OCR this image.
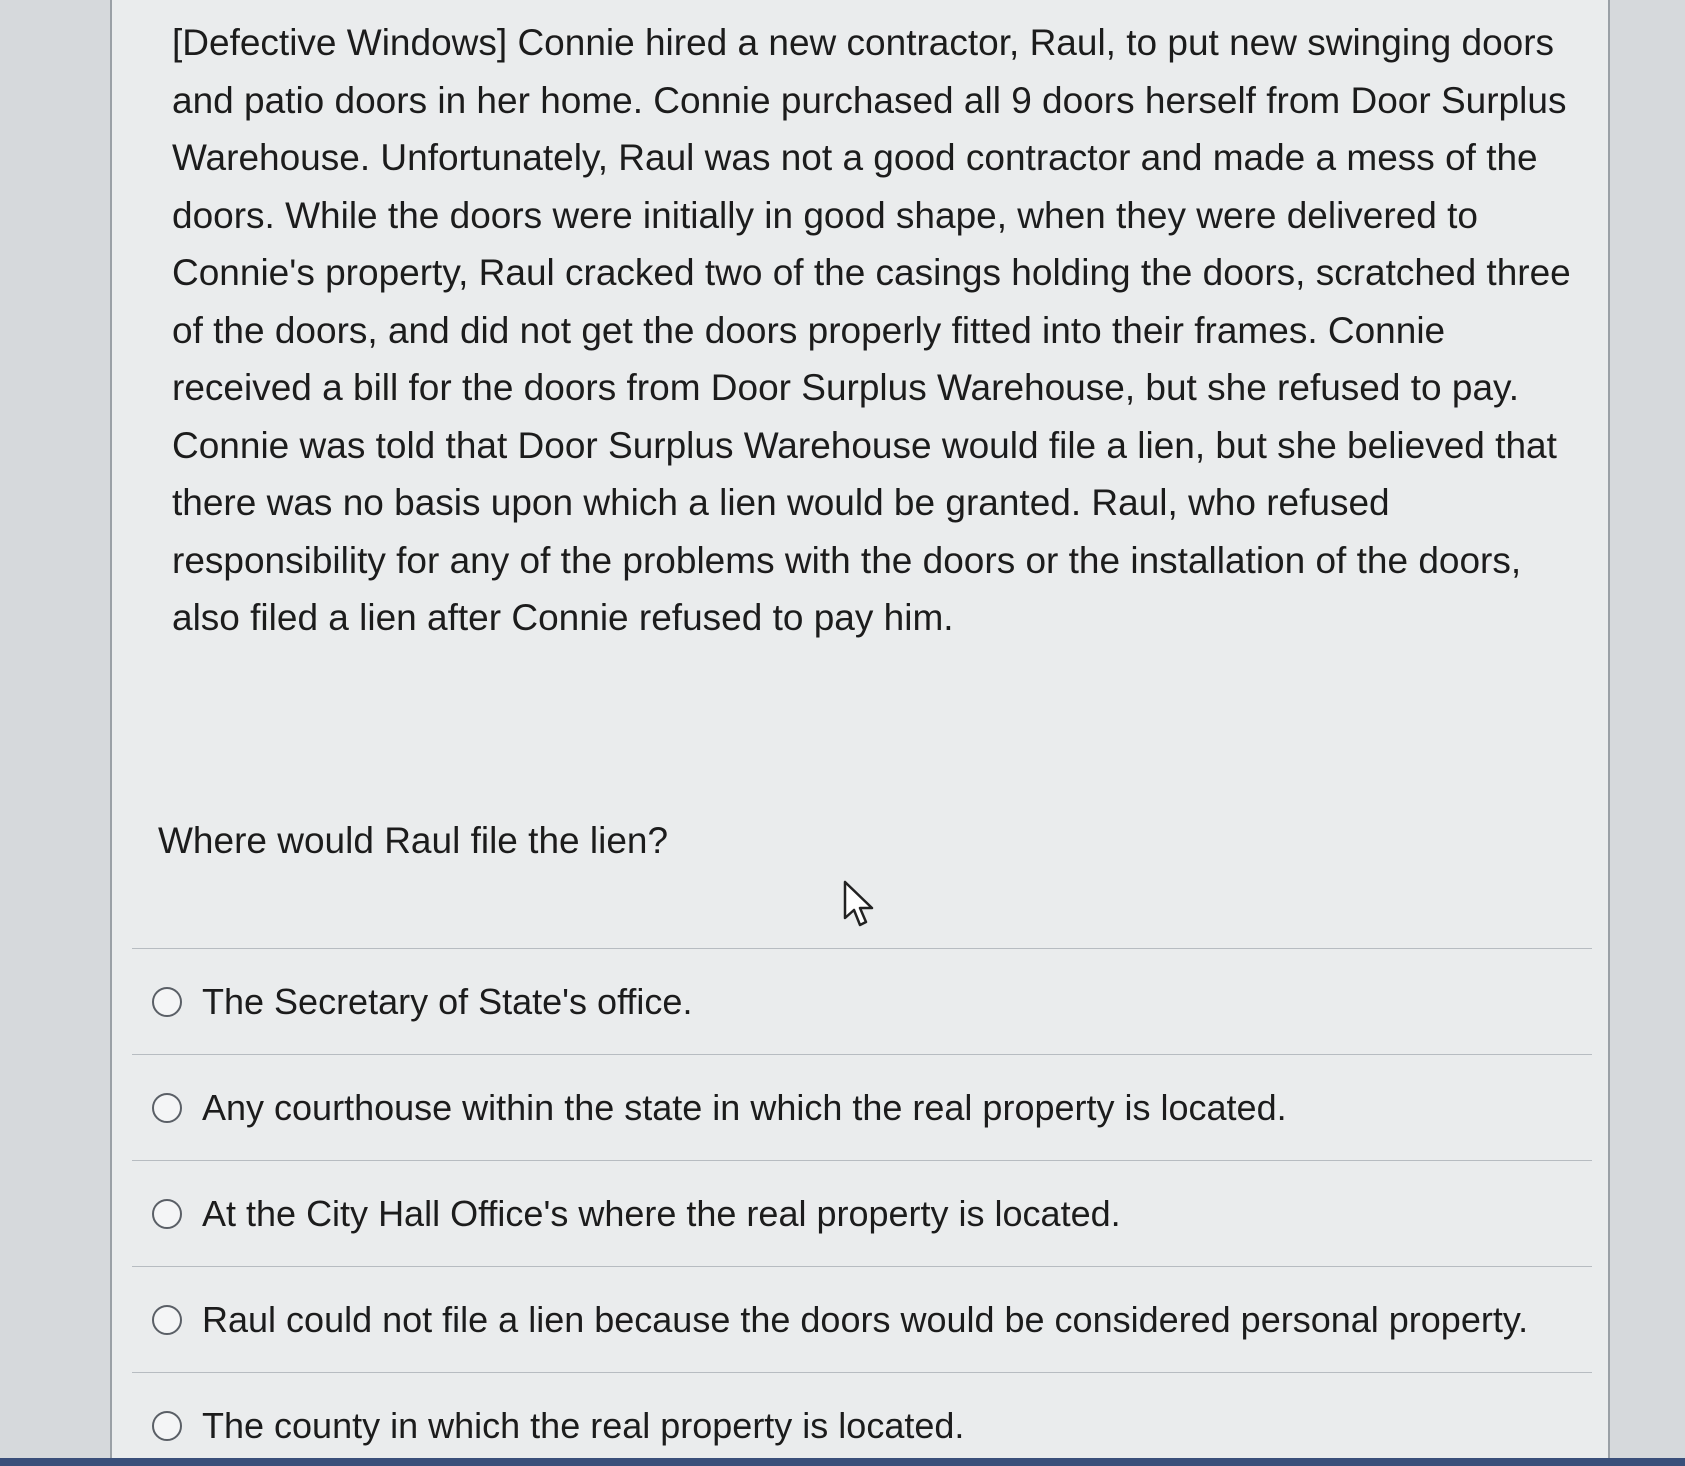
[Defective Windows] Connie hired a new contractor, Raul, to put new swinging doors and patio doors in her home. Connie purchased all 9 doors herself from Door Surplus Warehouse. Unfortunately, Raul was not a good contractor and made a mess of the doors. While the doors were initially in good shape, when they were delivered to Connie's property, Raul cracked two of the casings holding the doors, scratched three of the doors, and did not get the doors properly fitted into their frames. Connie received a bill for the doors from Door Surplus Warehouse, but she refused to pay. Connie was told that Door Surplus Warehouse would file a lien, but she believed that there was no basis upon which a lien would be granted. Raul, who refused responsibility for any of the problems with the doors or the installation of the doors, also filed a lien after Connie refused to pay him.

Where would Raul file the lien?
The Secretary of State's office.
Any courthouse within the state in which the real property is located.
At the City Hall Office's where the real property is located.
Raul could not file a lien because the doors would be considered personal property.
The county in which the real property is located.
